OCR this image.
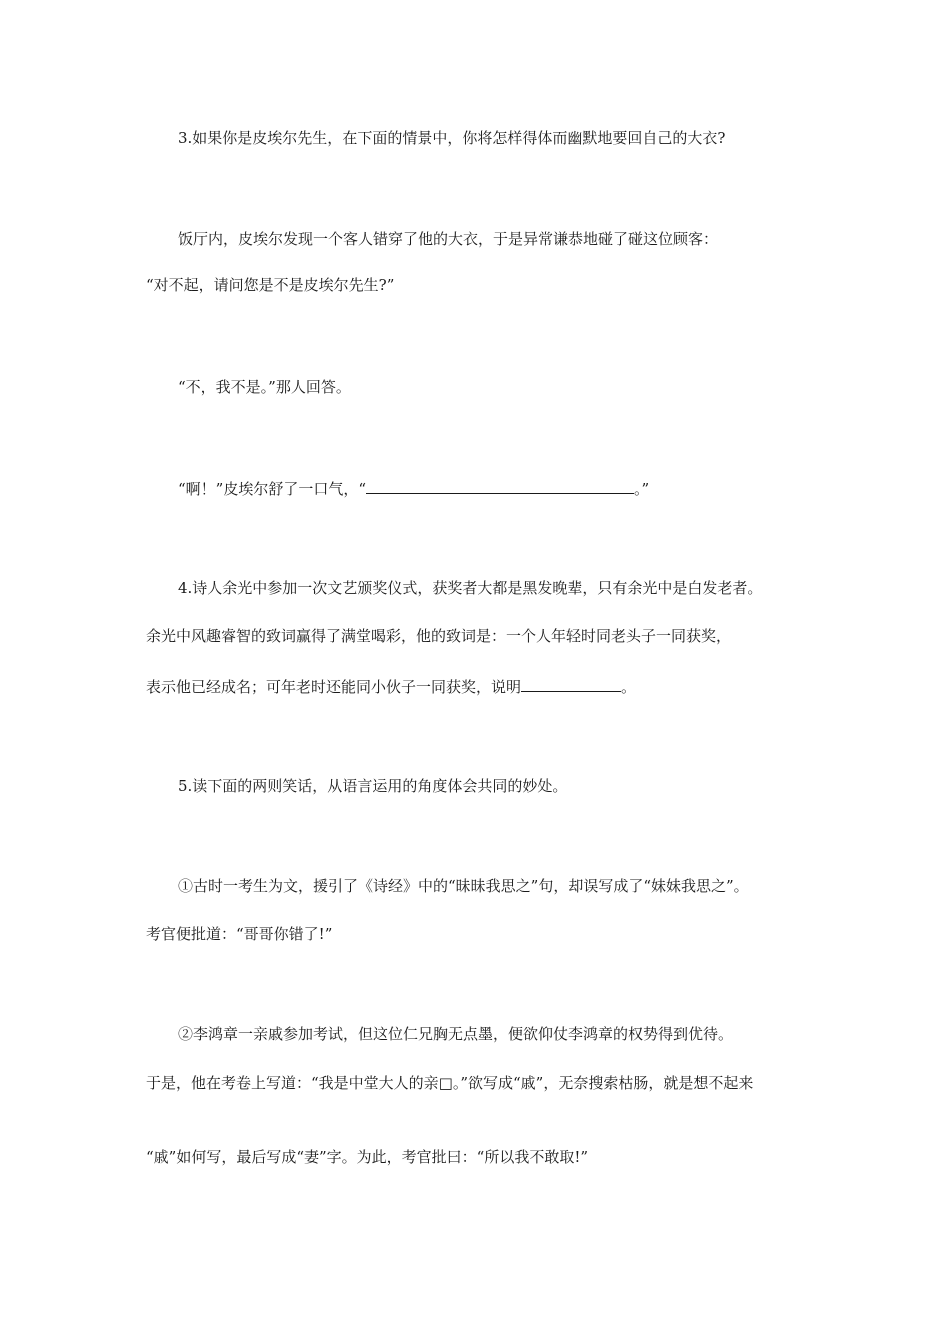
3.如果你是皮埃尔先生，在下面的情景中，你将怎样得体而幽默地要回自己的大衣?
饭厅内，皮埃尔发现一个客人错穿了他的大衣，于是异常谦恭地碰了碰这位顾客：
“对不起，请问您是不是皮埃尔先生?”
“不，我不是。”那人回答。
“啊！”皮埃尔舒了一口气，“	。”
4.诗人余光中参加一次文艺颁奖仪式，获奖者大都是黑发晚辈，只有余光中是白发老者。
余光中风趣睿智的致词赢得了满堂喝彩，他的致词是：一个人年轻时同老头子一同获奖，
表示他已经成名；可年老时还能同小伙子一同获奖，说明	。
5.读下面的两则笑话，从语言运用的角度体会共同的妙处。
①古时一考生为文，援引了《诗经》中的“昧昧我思之”句，却误写成了“妹妹我思之”。
考官便批道：“哥哥你错了!”
②李鸿章一亲戚参加考试，但这位仁兄胸无点墨，便欲仰仗李鸿章的权势得到优待。
于是，他在考卷上写道：“我是中堂大人的亲□。”欲写成“戚”，无奈搜索枯肠，就是想不起来
“戚”如何写，最后写成“妻”字。为此，考官批曰：“所以我不敢取!”
